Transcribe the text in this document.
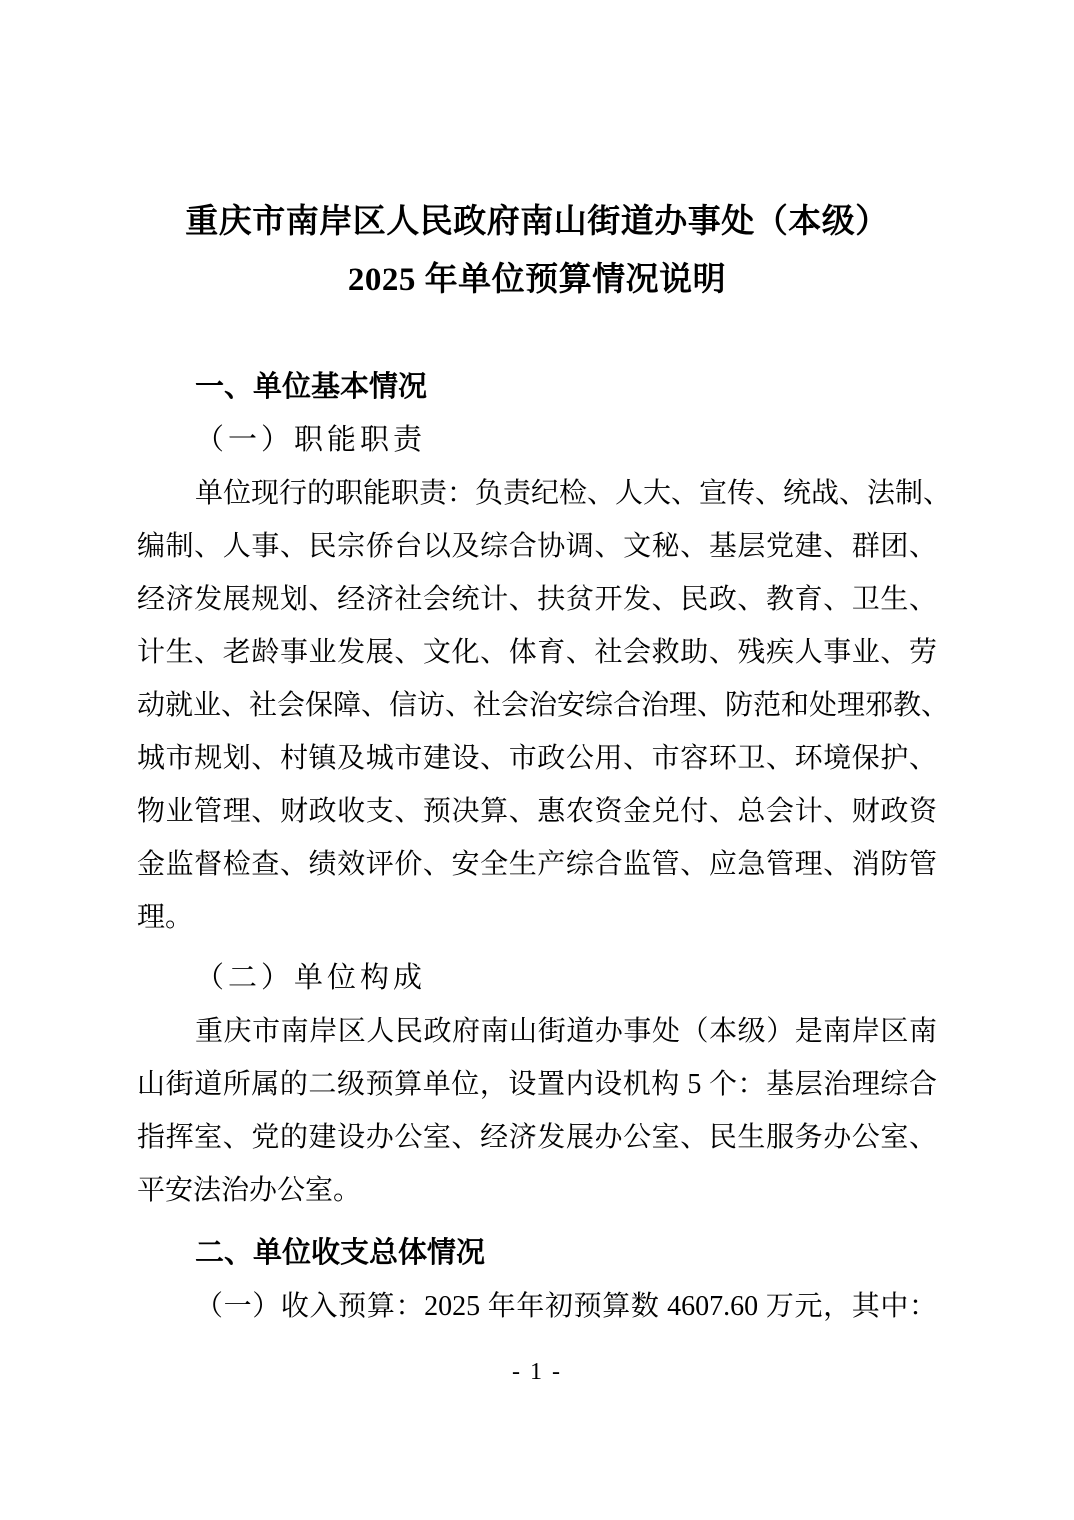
重庆市南岸区人民政府南山街道办事处（本级）
2025 年单位预算情况说明
一、单位基本情况
（一）职能职责
单位现行的职能职责：负责纪检、人大、宣传、统战、法制、
编制、人事、民宗侨台以及综合协调、文秘、基层党建、群团、
经济发展规划、经济社会统计、扶贫开发、民政、教育、卫生、
计生、老龄事业发展、文化、体育、社会救助、残疾人事业、劳
动就业、社会保障、信访、社会治安综合治理、防范和处理邪教、
城市规划、村镇及城市建设、市政公用、市容环卫、环境保护、
物业管理、财政收支、预决算、惠农资金兑付、总会计、财政资
金监督检查、绩效评价、安全生产综合监管、应急管理、消防管
理。
（二）单位构成
重庆市南岸区人民政府南山街道办事处（本级）是南岸区南
山街道所属的二级预算单位，设置内设机构 5 个：基层治理综合
指挥室、党的建设办公室、经济发展办公室、民生服务办公室、
平安法治办公室。
二、单位收支总体情况
（一）收入预算：2025 年年初预算数 4607.60 万元，其中：
- 1 -
